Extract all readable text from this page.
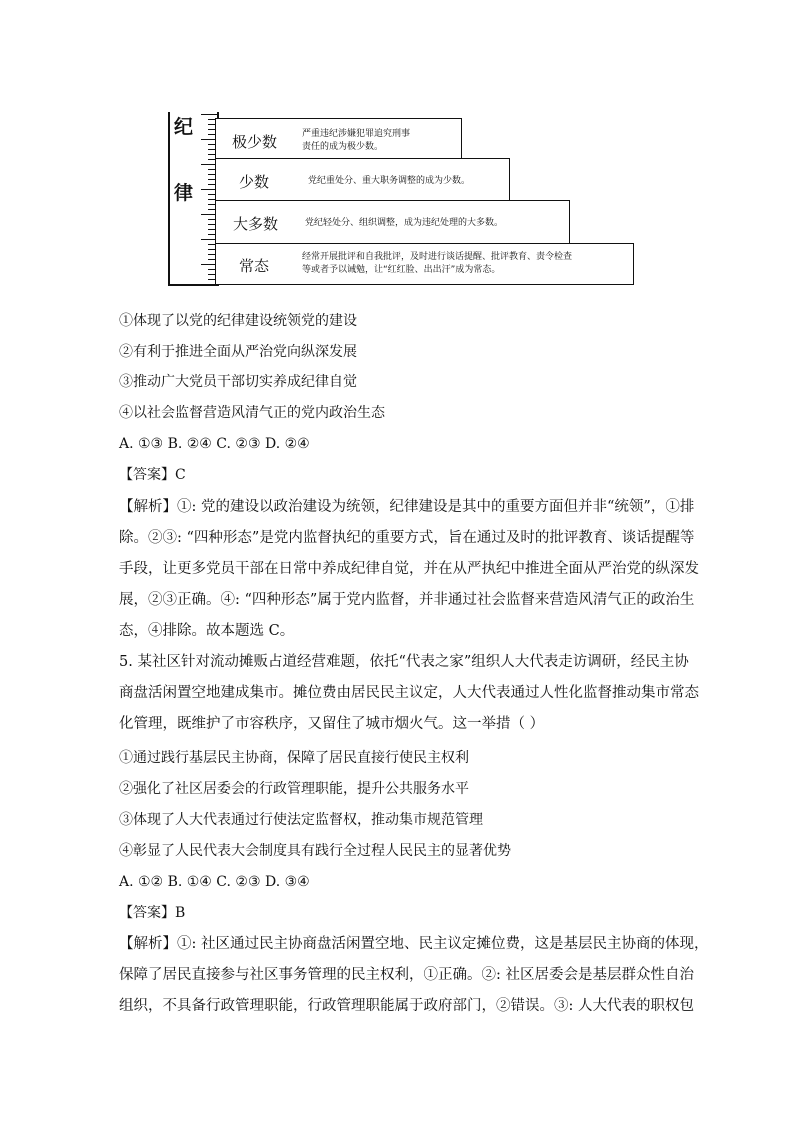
纪
律
常态	经常开展批评和自我批评，及时进行谈话提醒、批评教育、责令检查
等或者予以诫勉，让“红红脸、出出汗”成为常态。
大多数	党纪轻处分、组织调整，成为违纪处理的大多数。
少数	党纪重处分、重大职务调整的成为少数。
极少数	严重违纪涉嫌犯罪追究刑事
责任的成为极少数。
①体现了以党的纪律建设统领党的建设
②有利于推进全面从严治党向纵深发展
③推动广大党员干部切实养成纪律自觉
④以社会监督营造风清气正的党内政治生态
A. ①③ B. ②④ C. ②③ D. ②④
【答案】C
【解析】①: 党的建设以政治建设为统领，纪律建设是其中的重要方面但并非“统领”，①排
除。②③: “四种形态”是党内监督执纪的重要方式，旨在通过及时的批评教育、谈话提醒等
手段，让更多党员干部在日常中养成纪律自觉，并在从严执纪中推进全面从严治党的纵深发
展，②③正确。④: “四种形态”属于党内监督，并非通过社会监督来营造风清气正的政治生
态，④排除。故本题选 C。
5. 某社区针对流动摊贩占道经营难题，依托“代表之家”组织人大代表走访调研，经民主协
商盘活闲置空地建成集市。摊位费由居民民主议定，人大代表通过人性化监督推动集市常态
化管理，既维护了市容秩序，又留住了城市烟火气。这一举措（ ）
①通过践行基层民主协商，保障了居民直接行使民主权利
②强化了社区居委会的行政管理职能，提升公共服务水平
③体现了人大代表通过行使法定监督权，推动集市规范管理
④彰显了人民代表大会制度具有践行全过程人民民主的显著优势
A. ①② B. ①④ C. ②③ D. ③④
【答案】B
【解析】①: 社区通过民主协商盘活闲置空地、民主议定摊位费，这是基层民主协商的体现，
保障了居民直接参与社区事务管理的民主权利，①正确。②: 社区居委会是基层群众性自治
组织，不具备行政管理职能，行政管理职能属于政府部门，②错误。③: 人大代表的职权包
